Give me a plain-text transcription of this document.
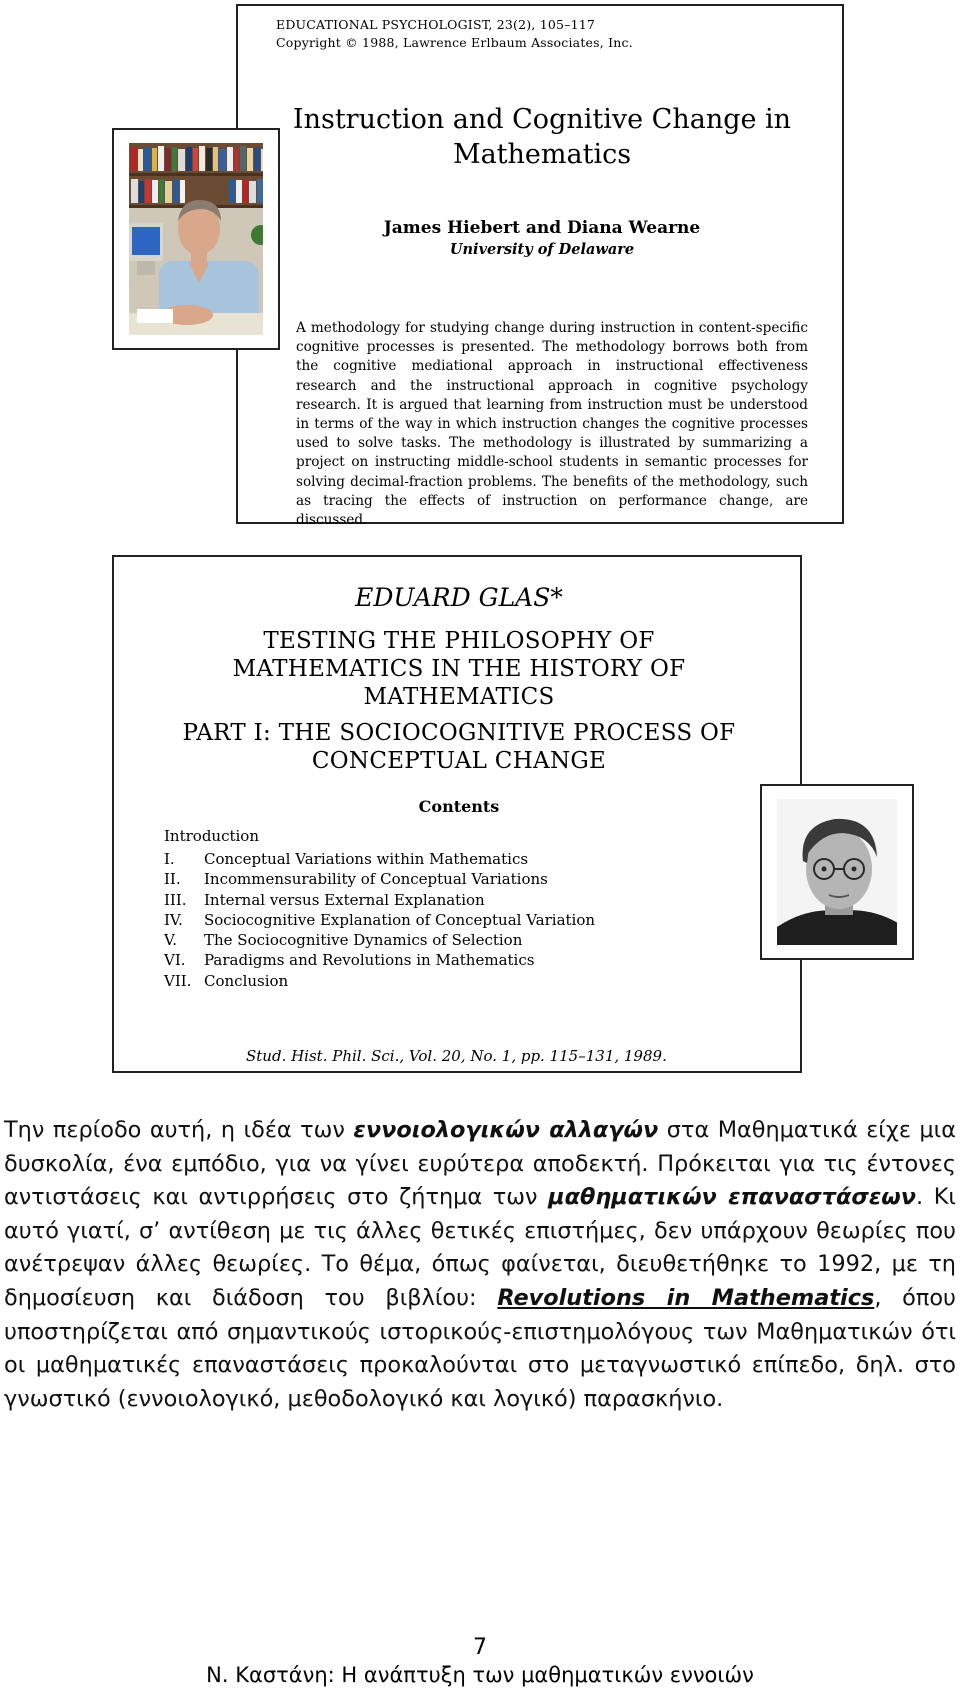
EDUCATIONAL PSYCHOLOGIST, 23(2), 105–117
Copyright © 1988, Lawrence Erlbaum Associates, Inc.
Instruction and Cognitive Change in
Mathematics
James Hiebert and Diana Wearne
University of Delaware
A methodology for studying change during instruction in content-specific cognitive processes is presented. The methodology borrows both from the cognitive mediational approach in instructional effectiveness research and the instructional approach in cognitive psychology research. It is argued that learning from instruction must be understood in terms of the way in which instruction changes the cognitive processes used to solve tasks. The methodology is illustrated by summarizing a project on instructing middle-school students in semantic processes for solving decimal-fraction problems. The benefits of the methodology, such as tracing the effects of instruction on performance change, are discussed.
EDUARD GLAS*
TESTING THE PHILOSOPHY OF
MATHEMATICS IN THE HISTORY OF
MATHEMATICS
PART I: THE SOCIOCOGNITIVE PROCESS OF
CONCEPTUAL CHANGE
Contents
Introduction
I. Conceptual Variations within Mathematics
II. Incommensurability of Conceptual Variations
III. Internal versus External Explanation
IV. Sociocognitive Explanation of Conceptual Variation
V. The Sociocognitive Dynamics of Selection
VI. Paradigms and Revolutions in Mathematics
VII. Conclusion
Stud. Hist. Phil. Sci., Vol. 20, No. 1, pp. 115–131, 1989.

Την περίοδο αυτή, η ιδέα των εννοιολογικών αλλαγών στα Μαθηματικά είχε μια δυσκολία, ένα εμπόδιο, για να γίνει ευρύτερα αποδεκτή. Πρόκειται για τις έντονες αντιστάσεις και αντιρρήσεις στο ζήτημα των μαθηματικών επαναστάσεων. Κι αυτό γιατί, σ’ αντίθεση με τις άλλες θετικές επιστήμες, δεν υπάρχουν θεωρίες που ανέτρεψαν άλλες θεωρίες. Το θέμα, όπως φαίνεται, διευθετήθηκε το 1992, με τη δημοσίευση και διάδοση του βιβλίου: Revolutions in Mathematics, όπου υποστηρίζεται από σημαντικούς ιστορικούς-επιστημολόγους των Μαθηματικών ότι οι μαθηματικές επαναστάσεις προκαλούνται στο μεταγνωστικό επίπεδο, δηλ. στο γνωστικό (εννοιολογικό, μεθοδολογικό και λογικό) παρασκήνιο.

7
Ν. Καστάνη: Η ανάπτυξη των μαθηματικών εννοιών
